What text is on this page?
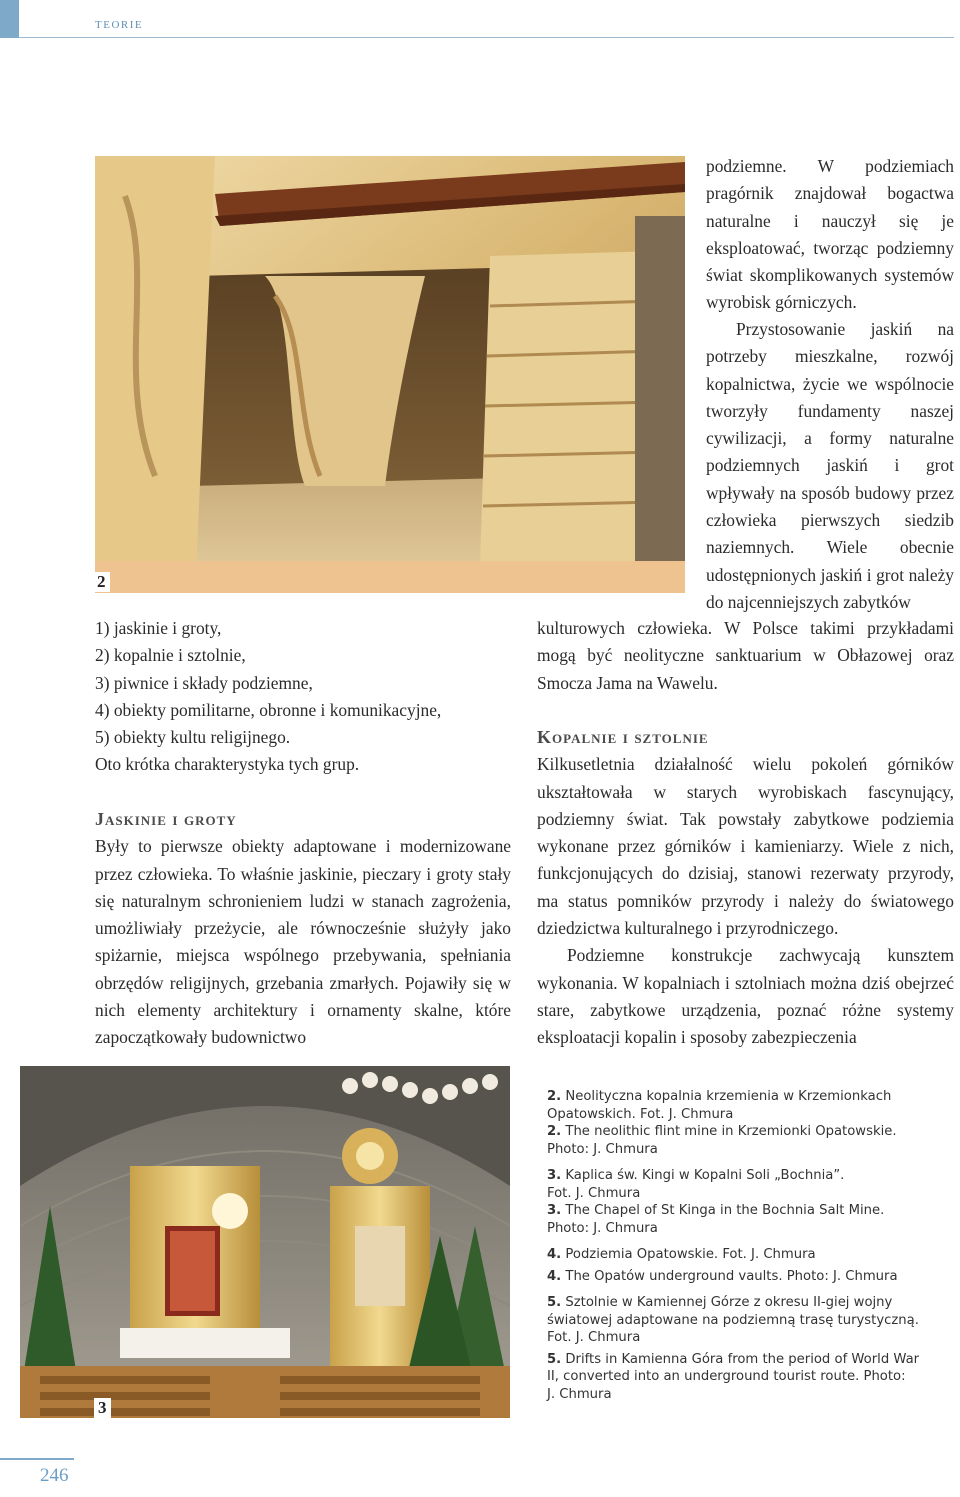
teorie
2

podziemne. W podziemiach pragórnik znajdował bogactwa naturalne i nauczył się je eksploatować, tworząc podziemny świat skomplikowanych systemów wyrobisk górniczych.

Przystosowanie jaskiń na potrzeby mieszkalne, rozwój kopalnictwa, życie we wspólnocie tworzyły fundamenty naszej cywilizacji, a formy naturalne podziemnych jaskiń i grot wpływały na sposób budowy przez człowieka pierwszych siedzib naziemnych. Wiele obecnie udostępnionych jaskiń i grot należy do najcenniejszych zabytków

kulturowych człowieka. W Polsce takimi przykładami mogą być neolityczne sanktuarium w Obłazowej oraz Smocza Jama na Wawelu.

1) jaskinie i groty,
2) kopalnie i sztolnie,
3) piwnice i składy podziemne,
4) obiekty pomilitarne, obronne i komunikacyjne,
5) obiekty kultu religijnego.
Oto krótka charakterystyka tych grup.
Jaskinie i groty

Były to pierwsze obiekty adaptowane i modernizowane przez człowieka. To właśnie jaskinie, pieczary i groty stały się naturalnym schronieniem ludzi w stanach zagrożenia, umożliwiały przeżycie, ale równocześnie służyły jako spiżarnie, miejsca wspólnego przebywania, spełniania obrzędów religijnych, grzebania zmarłych. Pojawiły się w nich elementy architektury i ornamenty skalne, które zapoczątkowały budownictwo

Kopalnie i sztolnie

Kilkusetletnia działalność wielu pokoleń górników ukształtowała w starych wyrobiskach fascynujący, podziemny świat. Tak powstały zabytkowe podziemia wykonane przez górników i kamieniarzy. Wiele z nich, funkcjonujących do dzisiaj, stanowi rezerwaty przyrody, ma status pomników przyrody i należy do światowego dziedzictwa kulturalnego i przyrodniczego.

Podziemne konstrukcje zachwycają kunsztem wykonania. W kopalniach i sztolniach można dziś obejrzeć stare, zabytkowe urządzenia, poznać różne systemy eksploatacji kopalin i sposoby zabezpieczenia

3
2. Neolityczna kopalnia krzemienia w Krzemionkach
Opatowskich. Fot. J. Chmura
2. The neolithic flint mine in Krzemionki Opatowskie.
Photo: J. Chmura
3. Kaplica św. Kingi w Kopalni Soli „Bochnia”.
Fot. J. Chmura
3. The Chapel of St Kinga in the Bochnia Salt Mine.
Photo: J. Chmura
4. Podziemia Opatowskie. Fot. J. Chmura
4. The Opatów underground vaults. Photo: J. Chmura
5. Sztolnie w Kamiennej Górze z okresu II-giej wojny
światowej adaptowane na podziemną trasę turystyczną.
Fot. J. Chmura
5. Drifts in Kamienna Góra from the period of World War
II, converted into an underground tourist route. Photo:
J. Chmura
246
